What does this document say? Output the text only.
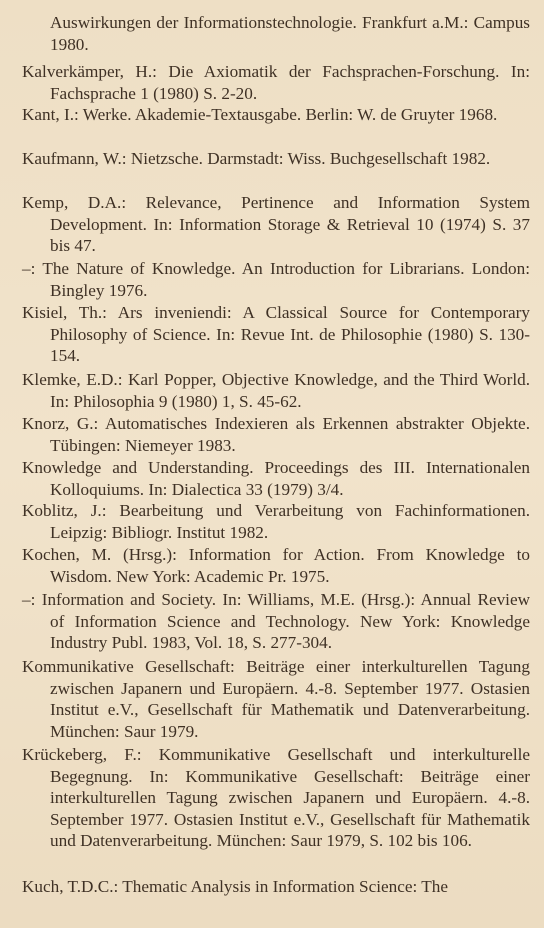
Auswirkungen der Informationstechnologie. Frankfurt a.M.: Campus 1980.

Kalverkämper, H.: Die Axiomatik der Fachsprachen-Forschung. In: Fachsprache 1 (1980) S. 2-20.

Kant, I.: Werke. Akademie-Textausgabe. Berlin: W. de Gruyter 1968.

Kaufmann, W.: Nietzsche. Darmstadt: Wiss. Buchgesellschaft 1982.

Kemp, D.A.: Relevance, Pertinence and Information System Development. In: Information Storage & Retrieval 10 (1974) S. 37 bis 47.

–: The Nature of Knowledge. An Introduction for Librarians. London: Bingley 1976.

Kisiel, Th.: Ars inveniendi: A Classical Source for Contemporary Philosophy of Science. In: Revue Int. de Philosophie (1980) S. 130-154.

Klemke, E.D.: Karl Popper, Objective Knowledge, and the Third World. In: Philosophia 9 (1980) 1, S. 45-62.

Knorz, G.: Automatisches Indexieren als Erkennen abstrakter Objekte. Tübingen: Niemeyer 1983.

Knowledge and Understanding. Proceedings des III. Internationalen Kolloquiums. In: Dialectica 33 (1979) 3/4.

Koblitz, J.: Bearbeitung und Verarbeitung von Fachinformationen. Leipzig: Bibliogr. Institut 1982.

Kochen, M. (Hrsg.): Information for Action. From Knowledge to Wisdom. New York: Academic Pr. 1975.

–: Information and Society. In: Williams, M.E. (Hrsg.): Annual Review of Information Science and Technology. New York: Knowledge Industry Publ. 1983, Vol. 18, S. 277-304.

Kommunikative Gesellschaft: Beiträge einer interkulturellen Tagung zwischen Japanern und Europäern. 4.-8. September 1977. Ostasien Institut e.V., Gesellschaft für Mathematik und Datenverarbeitung. München: Saur 1979.

Krückeberg, F.: Kommunikative Gesellschaft und interkulturelle Begegnung. In: Kommunikative Gesellschaft: Beiträge einer interkulturellen Tagung zwischen Japanern und Europäern. 4.-8. September 1977. Ostasien Institut e.V., Gesellschaft für Mathematik und Datenverarbeitung. München: Saur 1979, S. 102 bis 106.

Kuch, T.D.C.: Thematic Analysis in Information Science: The
